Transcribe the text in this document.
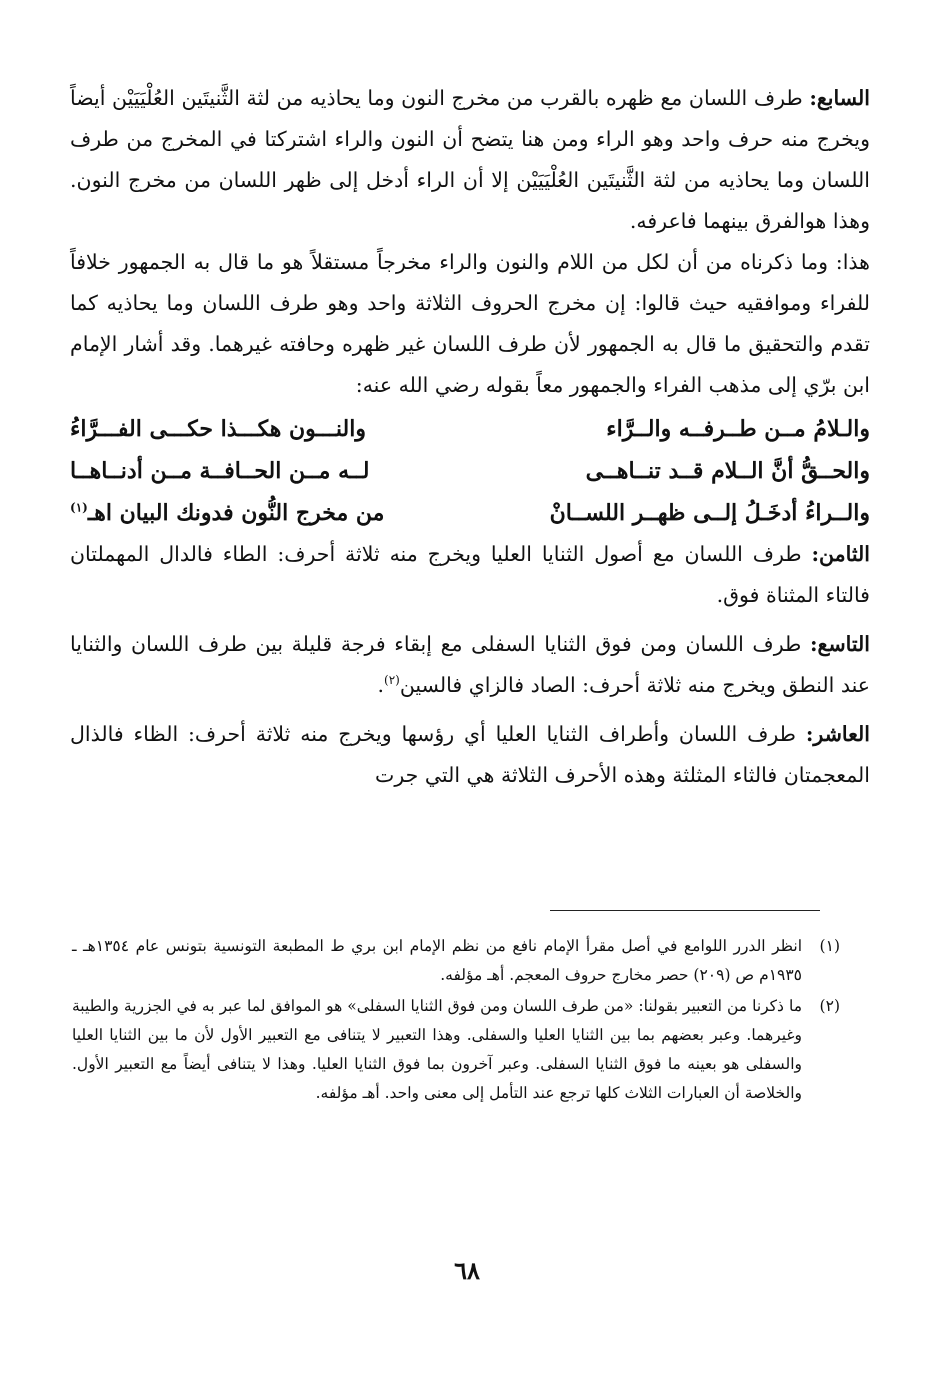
السابع: طرف اللسان مع ظهره بالقرب من مخرج النون وما يحاذيه من لثة الثَّنيتَين العُلْيَيَيْن أيضاً ويخرج منه حرف واحد وهو الراء ومن هنا يتضح أن النون والراء اشتركتا في المخرج من طرف اللسان وما يحاذيه من لثة الثَّنيتَين العُلْيَيَيْن إلا أن الراء أدخل إلى ظهر اللسان من مخرج النون. وهذا هوالفرق بينهما فاعرفه.

هذا: وما ذكرناه من أن لكل من اللام والنون والراء مخرجاً مستقلاً هو ما قال به الجمهور خلافاً للفراء وموافقيه حيث قالوا: إن مخرج الحروف الثلاثة واحد وهو طرف اللسان وما يحاذيه كما تقدم والتحقيق ما قال به الجمهور لأن طرف اللسان غير ظهره وحافته غيرهما. وقد أشار الإمام ابن برّي إلى مذهب الفراء والجمهور معاً بقوله رضي الله عنه:

والـلامُ مــن طــرفــه والــرَّاء
والنـــون هكـــذا حكـــى الفـــرَّاءُ
والحــقُّ أنَّ الــلام قــد تنــاهــى
لــه مــن الحــافــة مــن أدنــاهــا
والــراءُ أدخَـلُ إلــى ظهــر اللســانْ
من مخرج النُّون فدونك البيان اهـ$^{(١)}$

الثامن: طرف اللسان مع أصول الثنايا العليا ويخرج منه ثلاثة أحرف: الطاء فالدال المهملتان فالتاء المثناة فوق.

التاسع: طرف اللسان ومن فوق الثنايا السفلى مع إبقاء فرجة قليلة بين طرف اللسان والثنايا عند النطق ويخرج منه ثلاثة أحرف: الصاد فالزاي فالسين$^{(٢)}$.

العاشر: طرف اللسان وأطراف الثنايا العليا أي رؤسها ويخرج منه ثلاثة أحرف: الظاء فالذال المعجمتان فالثاء المثلثة وهذه الأحرف الثلاثة هي التي جرت

(١)
انظر الدرر اللوامع في أصل مقرأ الإمام نافع من نظم الإمام ابن بري ط المطبعة التونسية بتونس عام ١٣٥٤هـ ـ ١٩٣٥م ص (٢٠٩) حصر مخارج حروف المعجم. أهـ مؤلفه.
(٢)
ما ذكرنا من التعبير بقولنا: «من طرف اللسان ومن فوق الثنايا السفلى» هو الموافق لما عبر به في الجزرية والطيبة وغيرهما. وعبر بعضهم بما بين الثنايا العليا والسفلى. وهذا التعبير لا يتنافى مع التعبير الأول لأن ما بين الثنايا العليا والسفلى هو بعينه ما فوق الثنايا السفلى. وعبر آخرون بما فوق الثنايا العليا. وهذا لا يتنافى أيضاً مع التعبير الأول. والخلاصة أن العبارات الثلاث كلها ترجع عند التأمل إلى معنى واحد. أهـ مؤلفه.
٦٨
